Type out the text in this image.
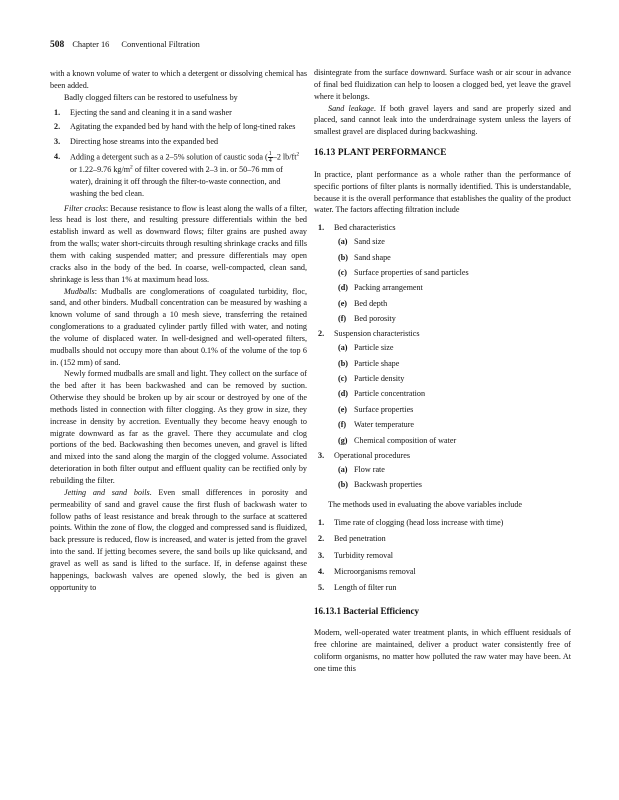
508 Chapter 16 Conventional Filtration

with a known volume of water to which a detergent or dissolving chemical has been added.

Badly clogged filters can be restored to usefulness by

1. Ejecting the sand and cleaning it in a sand washer
2. Agitating the expanded bed by hand with the help of long-tined rakes
3. Directing hose streams into the expanded bed
4. Adding a detergent such as a 2–5% solution of caustic soda ( $\frac{1}{4} -2$ $lb/ft^2$ or 1.22–9.76 $kg/m^2$ of filter covered with 2–3 in. or 50–76 mm of water), draining it off through the filter-to-waste connection, and washing the bed clean.

Filter cracks: Because resistance to flow is least along the walls of a filter, less head is lost there, and resulting pressure differentials within the bed establish inward as well as downward flows; filter grains are pushed away from the walls; water short-circuits through resulting shrinkage cracks and fills them with caking suspended matter; and pressure differentials may open cracks also in the body of the bed. In coarse, well-compacted, clean sand, shrinkage is less than 1% at maximum head loss.

Mudballs: Mudballs are conglomerations of coagulated turbidity, floc, sand, and other binders. Mudball concentration can be measured by washing a known volume of sand through a 10 mesh sieve, transferring the retained conglomerations to a graduated cylinder partly filled with water, and noting the volume of displaced water. In well-designed and well-operated filters, mudballs should not occupy more than about 0.1% of the volume of the top 6 in. (152 mm) of sand.

Newly formed mudballs are small and light. They collect on the surface of the bed after it has been backwashed and can be removed by suction. Otherwise they should be broken up by air scour or destroyed by one of the methods listed in connection with filter clogging. As they grow in size, they increase in density by accretion. Eventually they become heavy enough to migrate downward as far as the gravel. There they accumulate and clog portions of the bed. Backwashing then becomes uneven, and gravel is lifted and mixed into the sand along the margin of the clogged volume. Associated deterioration in both filter output and effluent quality can be rectified only by rebuilding the filter.

Jetting and sand boils. Even small differences in porosity and permeability of sand and gravel cause the first flush of backwash water to follow paths of least resistance and break through to the surface at scattered points. Within the zone of flow, the clogged and compressed sand is fluidized, back pressure is reduced, flow is increased, and water is jetted from the gravel into the sand. If jetting becomes severe, the sand boils up like quicksand, and gravel as well as sand is lifted to the surface. If, in defense against these happenings, backwash valves are opened slowly, the bed is given an opportunity to

disintegrate from the surface downward. Surface wash or air scour in advance of final bed fluidization can help to loosen a clogged bed, yet leave the gravel where it belongs.

Sand leakage. If both gravel layers and sand are properly sized and placed, sand cannot leak into the underdrainage system unless the layers of smallest gravel are displaced during backwashing.

16.13 PLANT PERFORMANCE

In practice, plant performance as a whole rather than the performance of specific portions of filter plants is normally identified. This is understandable, because it is the overall performance that establishes the quality of the product water. The factors affecting filtration include

1. Bed characteristics
(a) Sand size
(b) Sand shape
(c) Surface properties of sand particles
(d) Packing arrangement
(e) Bed depth
(f) Bed porosity
2. Suspension characteristics
(a) Particle size
(b) Particle shape
(c) Particle density
(d) Particle concentration
(e) Surface properties
(f) Water temperature
(g) Chemical composition of water
3. Operational procedures
(a) Flow rate
(b) Backwash properties

The methods used in evaluating the above variables include

1. Time rate of clogging (head loss increase with time)
2. Bed penetration
3. Turbidity removal
4. Microorganisms removal
5. Length of filter run
16.13.1 Bacterial Efficiency

Modern, well-operated water treatment plants, in which effluent residuals of free chlorine are maintained, deliver a product water consistently free of coliform organisms, no matter how polluted the raw water may have been. At one time this
